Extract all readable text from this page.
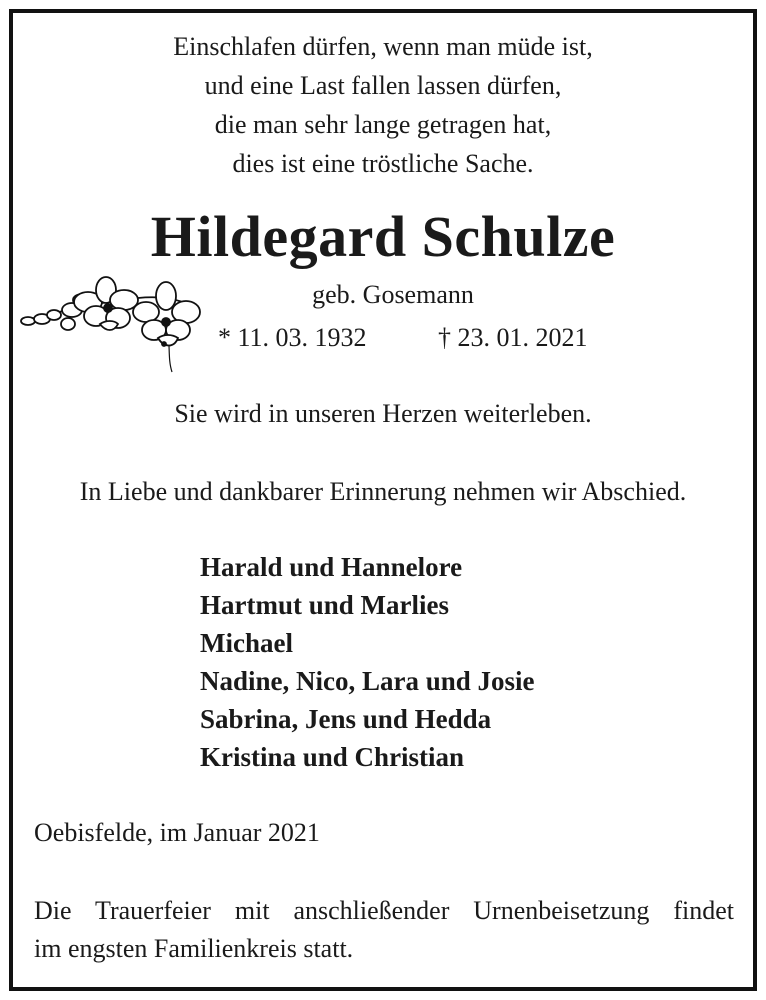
Einschlafen dürfen, wenn man müde ist,
und eine Last fallen lassen dürfen,
die man sehr lange getragen hat,
dies ist eine tröstliche Sache.
Hildegard Schulze
geb. Gosemann
* 11. 03. 1932	† 23. 01. 2021
Sie wird in unseren Herzen weiterleben.
In Liebe und dankbarer Erinnerung nehmen wir Abschied.
Harald und Hannelore
Hartmut und Marlies
Michael
Nadine, Nico, Lara und Josie
Sabrina, Jens und Hedda
Kristina und Christian
Oebisfelde, im Januar 2021
Die Trauerfeier mit anschließender Urnenbeisetzung findet
im engsten Familienkreis statt.
